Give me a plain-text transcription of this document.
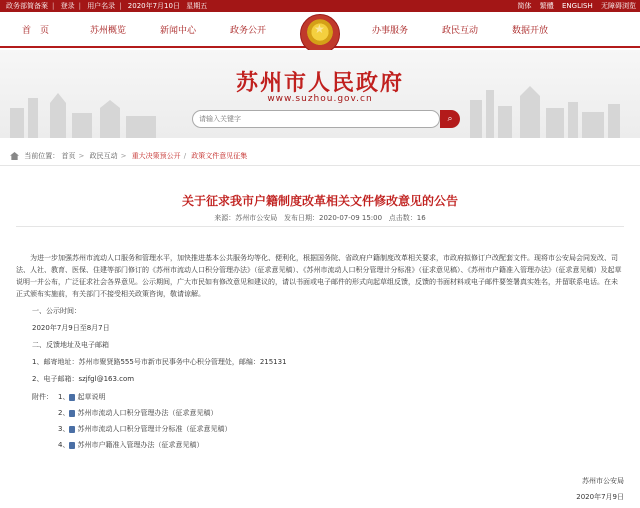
政务部简备案 | 登录 | 用户名录 | 2020年7月10日 星期五	简体 繁體 ENGLISH 无障碍浏览
首　页	苏州概览	新闻中心	政务公开
★	办事服务	政民互动	数据开放
苏州市人民政府
www.suzhou.gov.cn
请输入关键字	⌕
当前位置： 首页 > 政民互动 > 重大决策预公开 / 政策文件意见征集
关于征求我市户籍制度改革相关文件修改意见的公告
来源：苏州市公安局 发布日期：2020-07-09 15:00 点击数：16
为进一步加强苏州市流动人口服务和管理水平，加快推进基本公共服务均等化、便利化，根据国务院、省政府户籍制度改革相关要求，市政府拟修订户改配套文件。现将市公安局会同发改、司法、人社、教育、医保、住建等部门修订的《苏州市流动人口积分管理办法》（征求意见稿）、《苏州市流动人口积分管理计分标准》（征求意见稿）、《苏州市户籍准入管理办法》（征求意见稿）及起草说明一并公布，广泛征求社会各界意见。公示期间，广大市民如有修改意见和建议的，请以书面或电子邮件的形式向起草组反馈，反馈的书面材料或电子邮件要签署真实姓名，并留联系电话。在未正式颁布实施前，有关部门不接受相关政策咨询，敬请谅解。
一、公示时间：
2020年7月9日至8月7日
二、反馈地址及电子邮箱
1、邮寄地址：苏州市聚贤路555号市新市民事务中心积分管理处，邮编：215131
2、电子邮箱：szjfgl@163.com
附件： 1、 起草说明
2、 苏州市流动人口积分管理办法（征求意见稿）
3、 苏州市流动人口积分管理计分标准（征求意见稿）
4、 苏州市户籍准入管理办法（征求意见稿）
苏州市公安局
2020年7月9日
